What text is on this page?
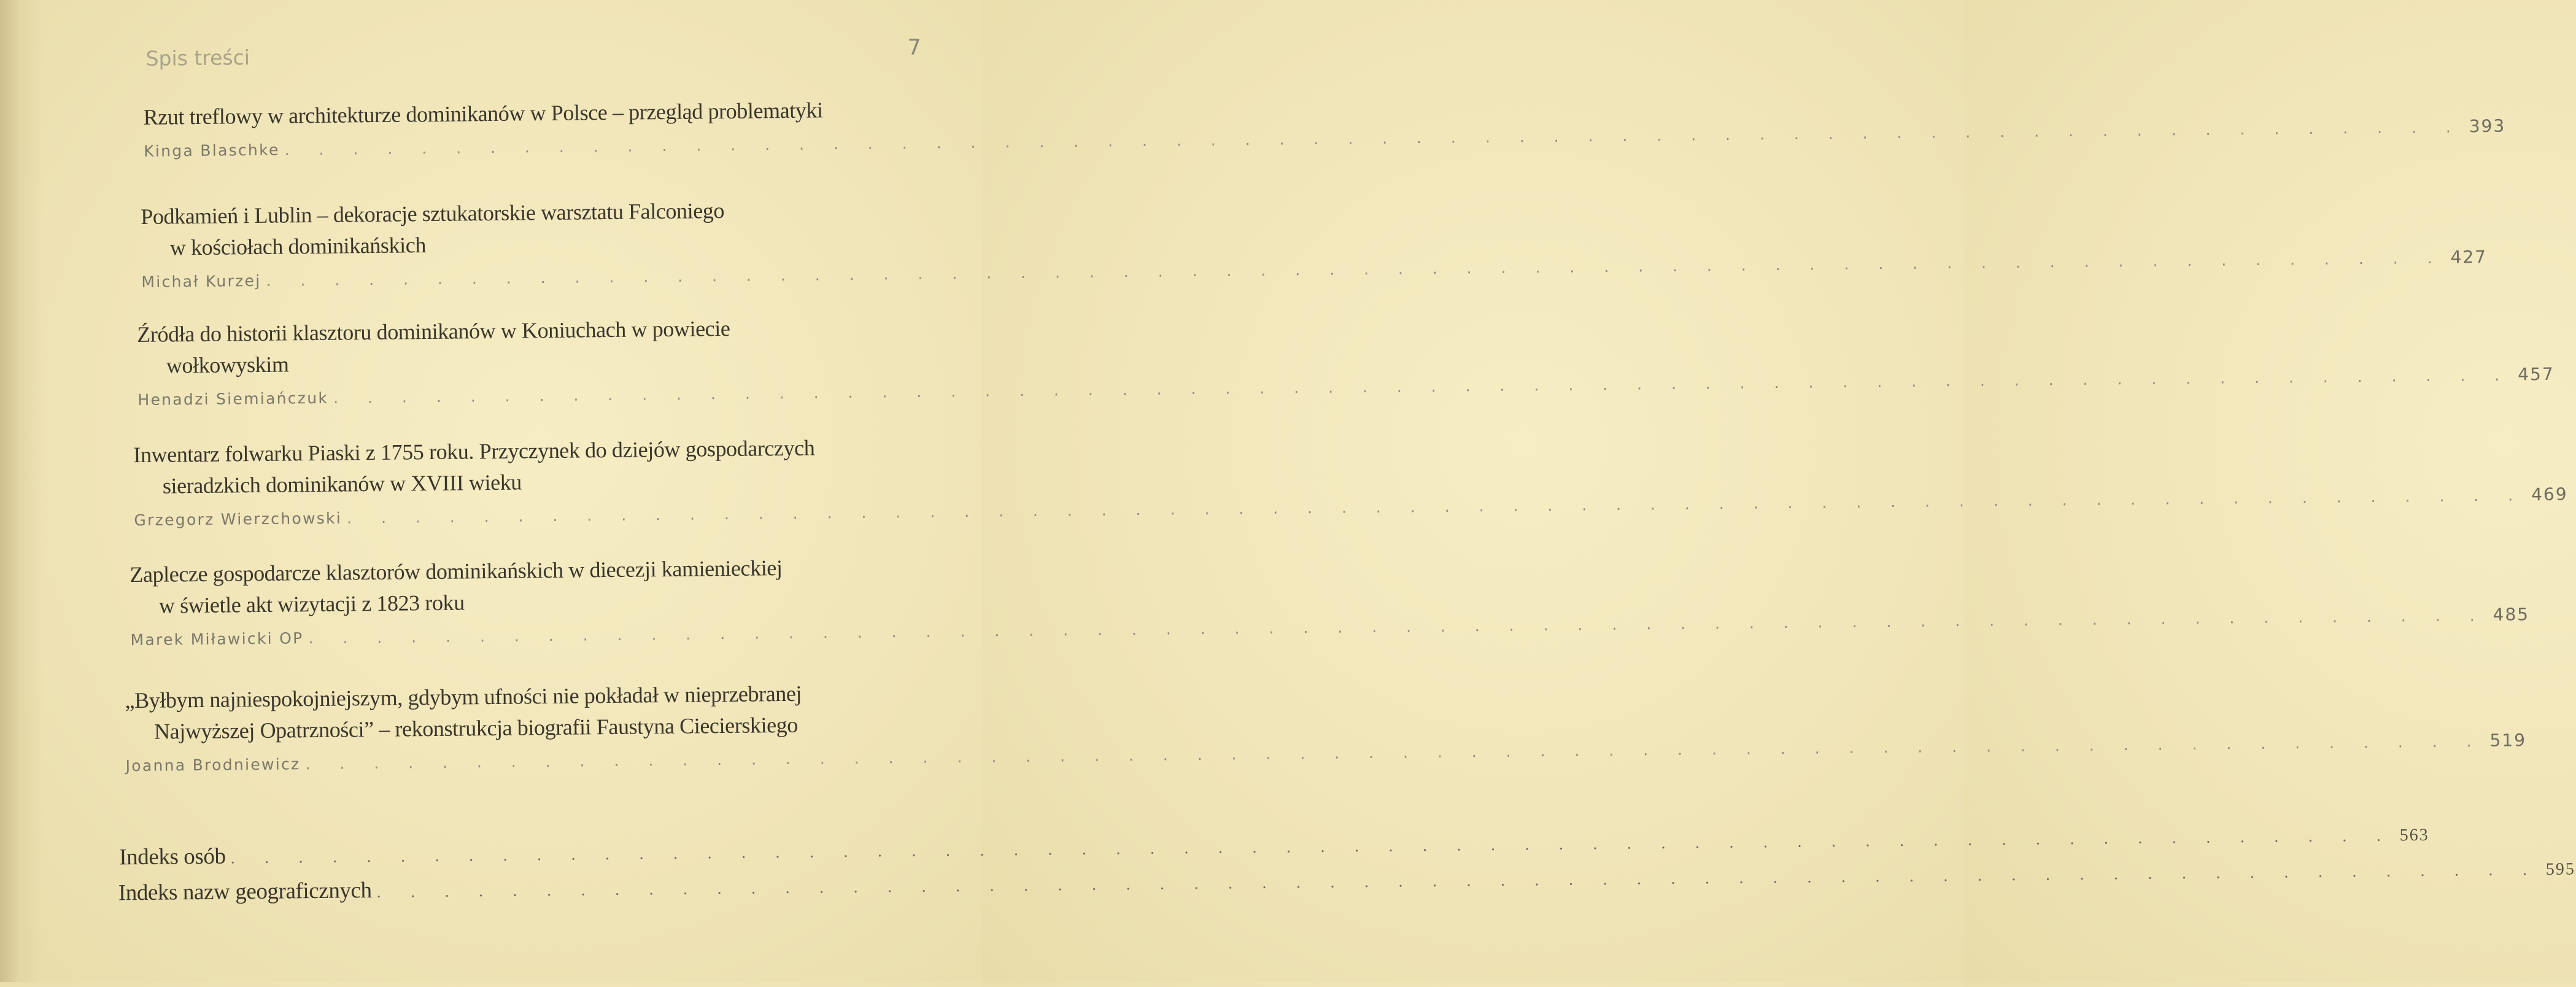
Spis treści	7
Rzut treflowy w architekturze dominikanów w Polsce – przegląd problematyki
Kinga Blaschke . . . . . . . . . . . . . . . . . . . . . . . . . . . . . . . . . . . . . . . . . . . . . . . . . . . . . . . . . . . . . . . . 393
Podkamień i Lublin – dekoracje sztukatorskie warsztatu Falconiego
w kościołach dominikańskich
Michał Kurzej . . . . . . . . . . . . . . . . . . . . . . . . . . . . . . . . . . . . . . . . . . . . . . . . . . . . . . . . . . . . . . . . 427
Źródła do historii klasztoru dominikanów w Koniuchach w powiecie
wołkowyskim
Henadzi Siemiańczuk . . . . . . . . . . . . . . . . . . . . . . . . . . . . . . . . . . . . . . . . . . . . . . . . . . . . . . . . . . . . . . . . 457
Inwentarz folwarku Piaski z 1755 roku. Przyczynek do dziejów gospodarczych
sieradzkich dominikanów w XVIII wieku
Grzegorz Wierzchowski . . . . . . . . . . . . . . . . . . . . . . . . . . . . . . . . . . . . . . . . . . . . . . . . . . . . . . . . . . . . . . . . 469
Zaplecze gospodarcze klasztorów dominikańskich w diecezji kamienieckiej
w świetle akt wizytacji z 1823 roku
Marek Miławicki OP . . . . . . . . . . . . . . . . . . . . . . . . . . . . . . . . . . . . . . . . . . . . . . . . . . . . . . . . . . . . . . . . 485
„Byłbym najniespokojniejszym, gdybym ufności nie pokładał w nieprzebranej
Najwyższej Opatrzności” – rekonstrukcja biografii Faustyna Ciecierskiego
Joanna Brodniewicz . . . . . . . . . . . . . . . . . . . . . . . . . . . . . . . . . . . . . . . . . . . . . . . . . . . . . . . . . . . . . . . . 519
Indeks osób . . . . . . . . . . . . . . . . . . . . . . . . . . . . . . . . . . . . . . . . . . . . . . . . . . . . . . . . . . . . . . . . 563
Indeks nazw geograficznych . . . . . . . . . . . . . . . . . . . . . . . . . . . . . . . . . . . . . . . . . . . . . . . . . . . . . . . . . . . . . . . . 595
